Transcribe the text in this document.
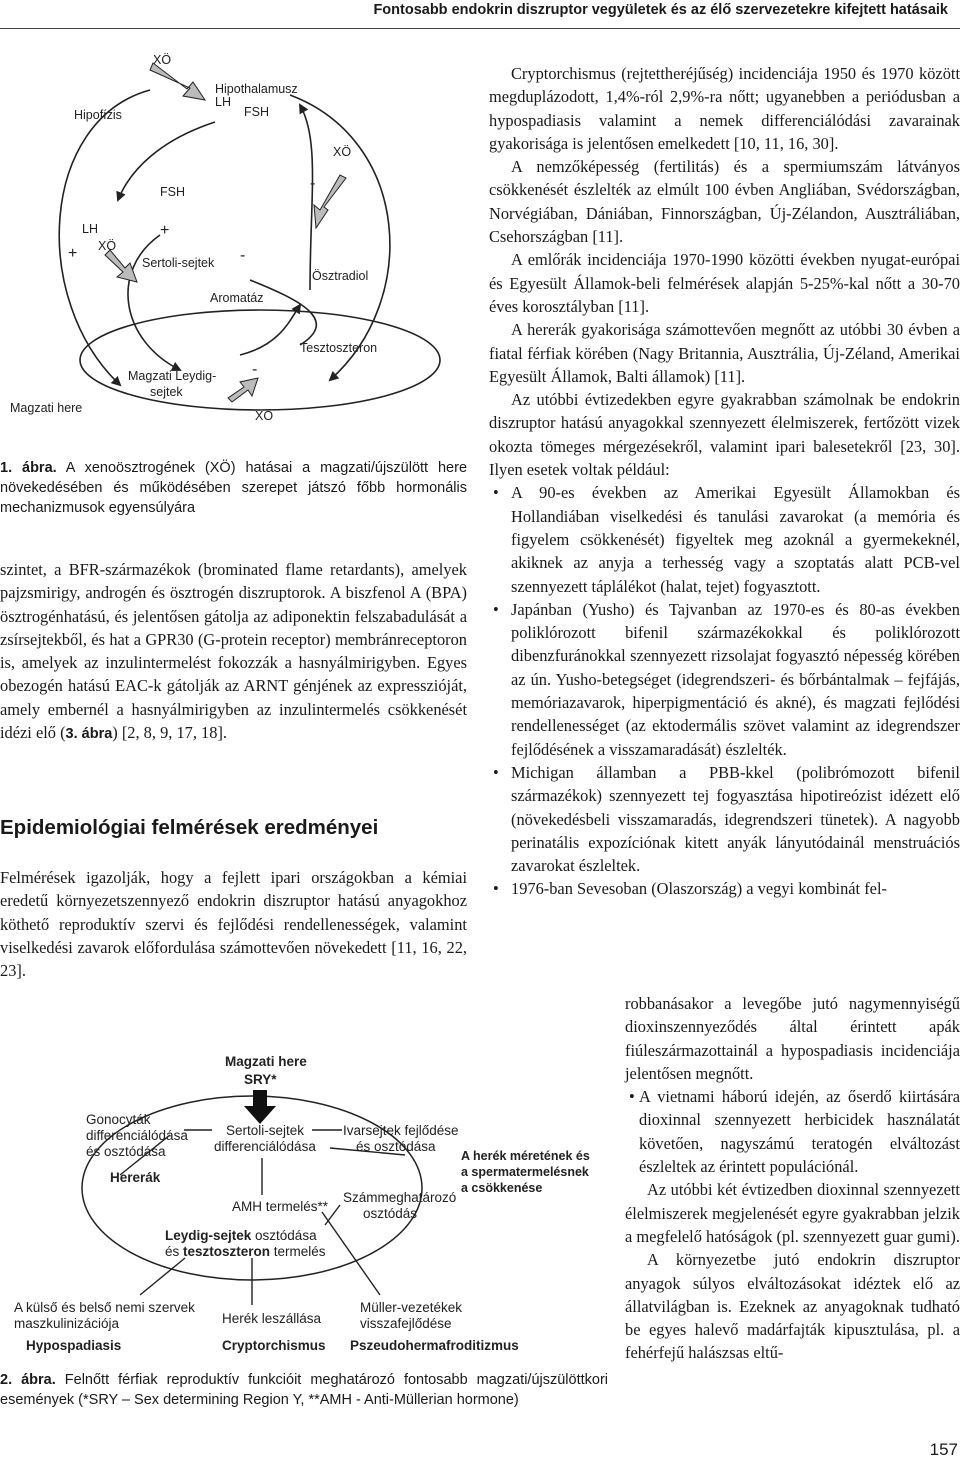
Fontosabb endokrin diszruptor vegyületek és az élő szervezetekre kifejtett hatásaik
XÖ
Hipofízis
Hipothalamusz
LH
FSH
-
XÖ
FSH
LH
+ XÖ
+
-
Ösztradiol
Sertoli-sejtek
Aromatáz
Tesztoszteron
-
Magzati Leydig-
sejtek
Magzati here
XÖ
1. ábra. A xenoösztrogének (XÖ) hatásai a magzati/újszülött here növekedésében és működésében szerepet játszó főbb hormonális mechanizmusok egyensúlyára
szintet, a BFR-származékok (brominated flame retardants), amelyek pajzsmirigy, androgén és ösztrogén diszruptorok. A biszfenol A (BPA) ösztrogénhatású, és jelentősen gátolja az adiponektin felszabadulását a zsírsejtekből, és hat a GPR30 (G-protein receptor) membránreceptoron is, amelyek az inzulintermelést fokozzák a hasnyálmirigyben. Egyes obezogén hatású EAC-k gátolják az ARNT génjének az expresszióját, amely embernél a hasnyálmirigyben az inzulintermelés csökkenését idézi elő (3. ábra) [2, 8, 9, 17, 18].
Epidemiológiai felmérések eredményei
Felmérések igazolják, hogy a fejlett ipari országokban a kémiai eredetű környezetszennyező endokrin diszruptor hatású anyagokhoz köthető reproduktív szervi és fejlődési rendellenességek, valamint viselkedési zavarok előfordulása számottevően növekedett [11, 16, 22, 23].
Magzati here
SRY*
Gonocyták
differenciálódása
és osztódása
Hererák
Sertoli-sejtek
differenciálódása
Ivarsejtek fejlődése
és osztódása
A herék méretének és
a spermatermelésnek
a csökkenése
AMH termelés**
Számmeghatározó
osztódás
Leydig-sejtek osztódása
és tesztoszteron termelés
A külső és belső nemi szervek
maszkulinizációja
Hypospadiasis
Herék leszállása
Cryptorchismus
Müller-vezetékek
visszafejlődése
Pszeudohermafroditizmus
2. ábra. Felnőtt férfiak reproduktív funkcióit meghatározó fontosabb magzati/újszülöttkori események (*SRY – Sex determining Region Y, **AMH - Anti-Müllerian hormone)

Cryptorchismus (rejtettheréjűség) incidenciája 1950 és 1970 között megduplázodott, 1,4%-ról 2,9%-ra nőtt; ugyanebben a periódusban a hypospadiasis valamint a nemek differenciálódási zavarainak gyakorisága is jelentősen emelkedett [10, 11, 16, 30].

A nemzőképesség (fertilitás) és a spermiumszám látványos csökkenését észlelték az elmúlt 100 évben Angliában, Svédországban, Norvégiában, Dániában, Finnországban, Új-Zélandon, Ausztráliában, Csehországban [11].

A emlőrák incidenciája 1970-1990 közötti években nyugat-európai és Egyesült Államok-beli felmérések alapján 5-25%-kal nőtt a 30-70 éves korosztályban [11].

A hererák gyakorisága számottevően megnőtt az utóbbi 30 évben a fiatal férfiak körében (Nagy Britannia, Ausztrália, Új-Zéland, Amerikai Egyesült Államok, Balti államok) [11].

Az utóbbi évtizedekben egyre gyakrabban számolnak be endokrin diszruptor hatású anyagokkal szennyezett élelmiszerek, fertőzött vizek okozta tömeges mérgezésekről, valamint ipari balesetekről [23, 30]. Ilyen esetek voltak például:

• A 90-es években az Amerikai Egyesült Államokban és Hollandiában viselkedési és tanulási zavarokat (a memória és figyelem csökkenését) figyeltek meg azoknál a gyermekeknél, akiknek az anyja a terhesség vagy a szoptatás alatt PCB-vel szennyezett táplálékot (halat, tejet) fogyasztott.

• Japánban (Yusho) és Tajvanban az 1970-es és 80-as években poliklórozott bifenil származékokkal és poliklórozott dibenzfuránokkal szennyezett rizsolajat fogyasztó népesség körében az ún. Yusho-betegséget (idegrendszeri- és bőrbántalmak – fejfájás, memóriazavarok, hiperpigmentáció és akné), és magzati fejlődési rendellenességet (az ektodermális szövet valamint az idegrendszer fejlődésének a visszamaradását) észlelték.

• Michigan államban a PBB-kkel (polibrómozott bifenil származékok) szennyezett tej fogyasztása hipotireózist idézett elő (növekedésbeli visszamaradás, idegrendszeri tünetek). A nagyobb perinatális expozíciónak kitett anyák lányutódainál menstruációs zavarokat észleltek.

• 1976-ban Sevesoban (Olaszország) a vegyi kombinát fel-

robbanásakor a levegőbe jutó nagymennyiségű dioxinszennyeződés által érintett apák fiúleszármazottainál a hypospadiasis incidenciája jelentősen megnőtt.

• A vietnami háború idején, az őserdő kiirtására dioxinnal szennyezett herbicidek használatát követően, nagyszámú teratogén elváltozást észleltek az érintett populációnál.

Az utóbbi két évtizedben dioxinnal szennyezett élelmiszerek megjelenését egyre gyakrabban jelzik a megfelelő hatóságok (pl. szennyezett guar gumi).

A környezetbe jutó endokrin diszruptor anyagok súlyos elváltozásokat idéztek elő az állatvilágban is. Ezeknek az anyagoknak tudható be egyes halevő madárfajták kipusztulása, pl. a fehérfejű halászsas eltű-

157
